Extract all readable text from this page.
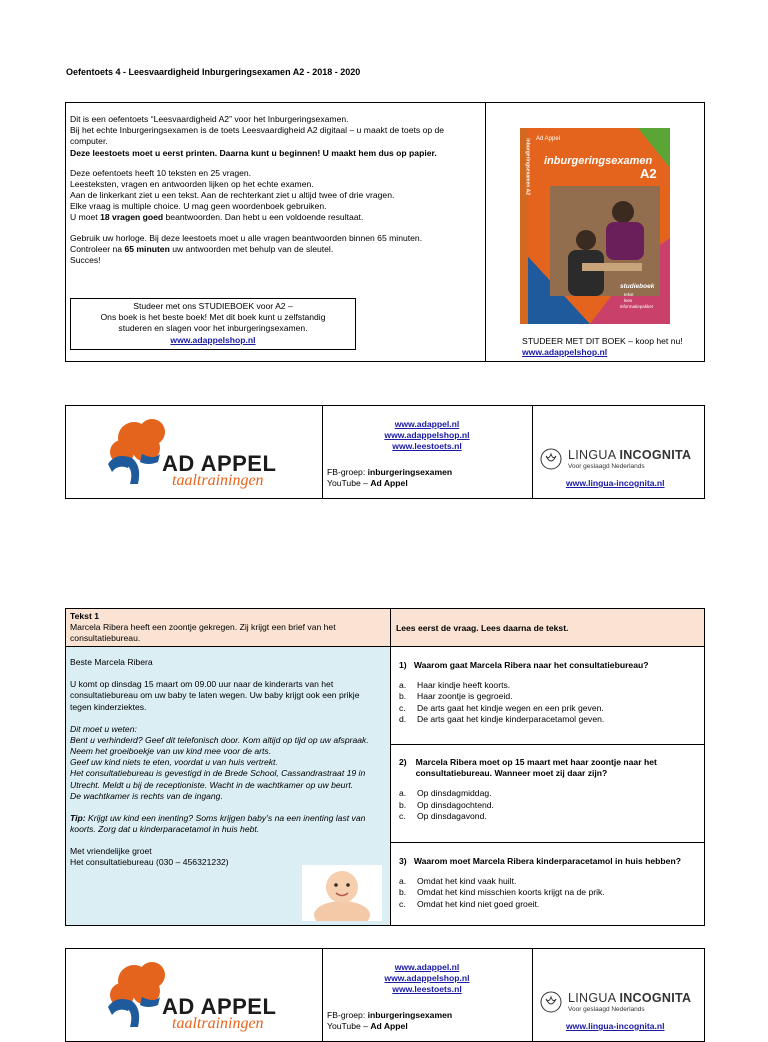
Oefentoets 4 - Leesvaardigheid Inburgeringsexamen A2 - 2018 - 2020

Dit is een oefentoets “Leesvaardigheid A2” voor het Inburgeringsexamen.

Bij het echte Inburgeringsexamen is de toets Leesvaardigheid A2 digitaal – u maakt de toets op de computer.

Deze leestoets moet u eerst printen. Daarna kunt u beginnen! U maakt hem dus op papier.

Deze oefentoets heeft 10 teksten en 25 vragen.

Leesteksten, vragen en antwoorden lijken op het echte examen.

Aan de linkerkant ziet u een tekst. Aan de rechterkant ziet u altijd twee of drie vragen.

Elke vraag is multiple choice. U mag geen woordenboek gebruiken.

U moet 18 vragen goed beantwoorden. Dan hebt u een voldoende resultaat.

Gebruik uw horloge. Bij deze leestoets moet u alle vragen beantwoorden binnen 65 minuten.

Controleer na 65 minuten uw antwoorden met behulp van de sleutel.

Succes!

Studeer met ons STUDIEBOEK voor A2 –

Ons boek is het beste boek! Met dit boek kunt u zelfstandig

studeren en slagen voor het inburgeringsexamen.

www.adappelshop.nl

Ad Appel
inburgeringsexamen
A2
studieboek
tekst
lees
informatiepakket
inburgeringsexamen A2
STUDEER MET DIT BOEK – koop het nu!
www.adappelshop.nl
AD APPEL
taaltrainingen

www.adappel.nl

www.adappelshop.nl

www.leestoets.nl

FB-groep: inburgeringsexamen

YouTube – Ad Appel

LINGUA INCOGNITA
Voor geslaagd Nederlands
www.lingua-incognita.nl

Tekst 1

Marcela Ribera heeft een zoontje gekregen. Zij krijgt een brief van het consultatiebureau.

Lees eerst de vraag. Lees daarna de tekst.

Beste Marcela Ribera

U komt op dinsdag 15 maart om 09.00 uur naar de kinderarts van het consultatiebureau om uw baby te laten wegen. Uw baby krijgt ook een prikje tegen kinderziektes.

Dit moet u weten:

Bent u verhinderd? Geef dit telefonisch door. Kom altijd op tijd op uw afspraak.

Neem het groeiboekje van uw kind mee voor de arts.

Geef uw kind niets te eten, voordat u van huis vertrekt.

Het consultatiebureau is gevestigd in de Brede School, Cassandrastraat 19 in

Utrecht. Meldt u bij de receptioniste. Wacht in de wachtkamer op uw beurt.

De wachtkamer is rechts van de ingang.

Tip: Krijgt uw kind een inenting? Soms krijgen baby’s na een inenting last van koorts. Zorg dat u kinderparacetamol in huis hebt.

Met vriendelijke groet

Het consultatiebureau (030 – 456321232)

1) Waarom gaat Marcela Ribera naar het consultatiebureau?

a. Haar kindje heeft koorts.
b. Haar zoontje is gegroeid.
c. De arts gaat het kindje wegen en een prik geven.
d. De arts gaat het kindje kinderparacetamol geven.
2) Marcela Ribera moet op 15 maart met haar zoontje naar het consultatiebureau. Wanneer moet zij daar zijn?

a. Op dinsdagmiddag.
b. Op dinsdagochtend.
c. Op dinsdagavond.

3) Waarom moet Marcela Ribera kinderparacetamol in huis hebben?

a. Omdat het kind vaak huilt.
b. Omdat het kind misschien koorts krijgt na de prik.
c. Omdat het kind niet goed groeit.
AD APPEL
taaltrainingen

www.adappel.nl

www.adappelshop.nl

www.leestoets.nl

FB-groep: inburgeringsexamen

YouTube – Ad Appel

LINGUA INCOGNITA
Voor geslaagd Nederlands
www.lingua-incognita.nl
